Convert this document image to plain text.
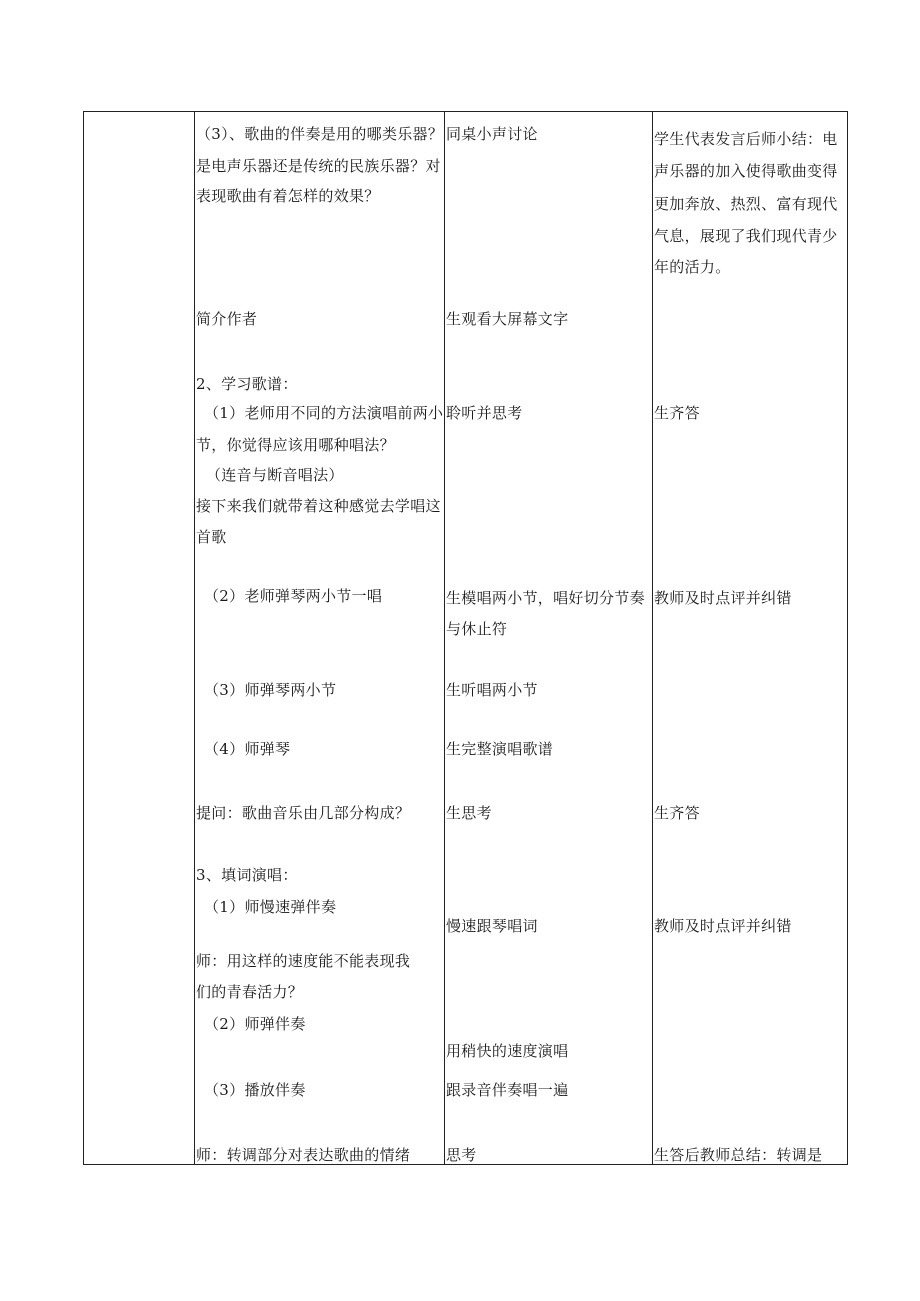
（3）、歌曲的伴奏是用的哪类乐器？
是电声乐器还是传统的民族乐器？对
表现歌曲有着怎样的效果？
简介作者
2、学习歌谱：
（1）老师用不同的方法演唱前两小
节，你觉得应该用哪种唱法？
（连音与断音唱法）
接下来我们就带着这种感觉去学唱这
首歌
（2）老师弹琴两小节一唱
（3）师弹琴两小节
（4）师弹琴
提问：歌曲音乐由几部分构成？
3、填词演唱：
（1）师慢速弹伴奏
师：用这样的速度能不能表现我
们的青春活力？
（2）师弹伴奏
（3）播放伴奏
师：转调部分对表达歌曲的情绪
同桌小声讨论
生观看大屏幕文字
聆听并思考
生模唱两小节，唱好切分节奏
与休止符
生听唱两小节
生完整演唱歌谱
生思考
慢速跟琴唱词
用稍快的速度演唱
跟录音伴奏唱一遍
思考
学生代表发言后师小结：电
声乐器的加入使得歌曲变得
更加奔放、热烈、富有现代
气息，展现了我们现代青少
年的活力。
生齐答
教师及时点评并纠错
生齐答
教师及时点评并纠错
生答后教师总结：转调是
